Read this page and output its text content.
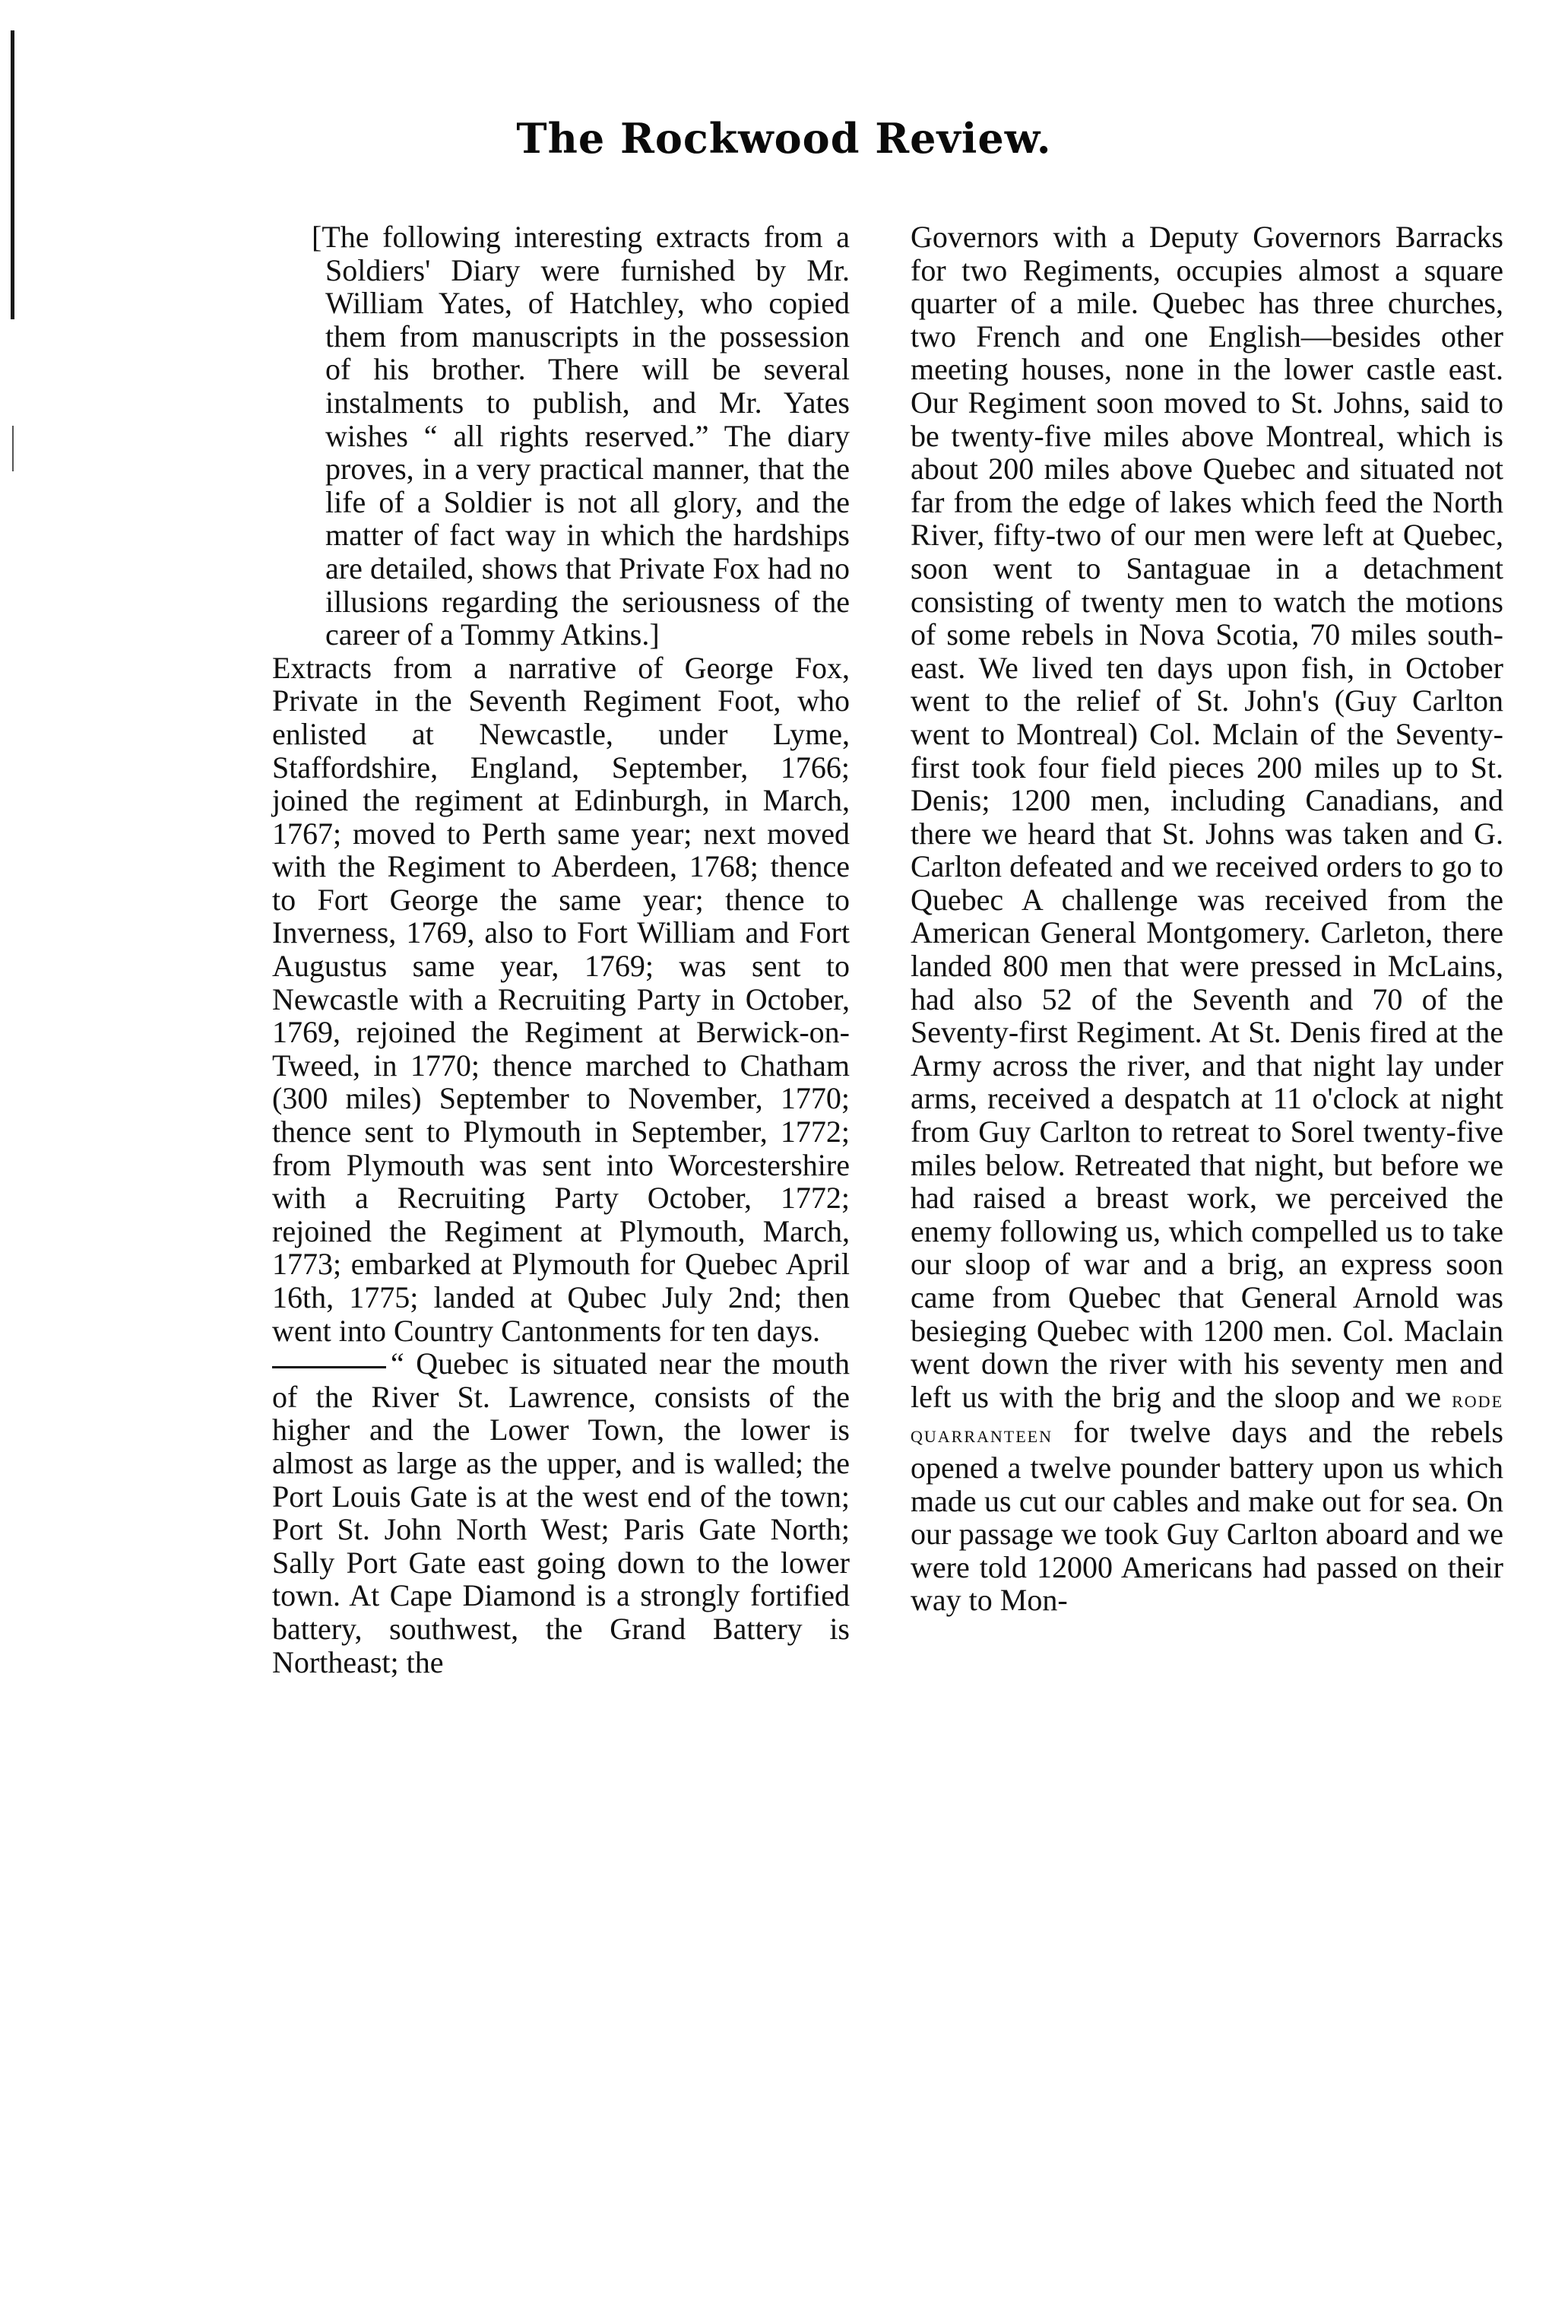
The Rockwood Review.

[The following interesting extracts from a Soldiers' Diary were furnished by Mr. William Yates, of Hatchley, who copied them from manuscripts in the possession of his brother. There will be several instalments to publish, and Mr. Yates wishes “ all rights reserved.” The diary proves, in a very practical manner, that the life of a Soldier is not all glory, and the matter of fact way in which the hardships are detailed, shows that Private Fox had no illusions regarding the seriousness of the career of a Tommy Atkins.]

Extracts from a narrative of George Fox, Private in the Seventh Regiment Foot, who enlisted at Newcastle, under Lyme, Staffordshire, England, September, 1766; joined the regiment at Edinburgh, in March, 1767; moved to Perth same year; next moved with the Regiment to Aberdeen, 1768; thence to Fort George the same year; thence to Inverness, 1769, also to Fort William and Fort Augustus same year, 1769; was sent to Newcastle with a Recruiting Party in October, 1769, rejoined the Regiment at Berwick-on-Tweed, in 1770; thence marched to Chatham (300 miles) September to November, 1770; thence sent to Plymouth in September, 1772; from Plymouth was sent into Worcestershire with a Recruiting Party October, 1772; rejoined the Regiment at Plymouth, March, 1773; embarked at Plymouth for Quebec April 16th, 1775; landed at Qubec July 2nd; then went into Country Cantonments for ten days.

“ Quebec is situated near the mouth of the River St. Lawrence, consists of the higher and the Lower Town, the lower is almost as large as the upper, and is walled; the Port Louis Gate is at the west end of the town; Port St. John North West; Paris Gate North; Sally Port Gate east going down to the lower town. At Cape Diamond is a strongly fortified battery, southwest, the Grand Battery is Northeast; the

Governors with a Deputy Governors Barracks for two Regiments, occupies almost a square quarter of a mile. Quebec has three churches, two French and one English—besides other meeting houses, none in the lower castle east. Our Regiment soon moved to St. Johns, said to be twenty-five miles above Montreal, which is about 200 miles above Quebec and situated not far from the edge of lakes which feed the North River, fifty-two of our men were left at Quebec, soon went to Santaguae in a detachment consisting of twenty men to watch the motions of some rebels in Nova Scotia, 70 miles south-east. We lived ten days upon fish, in October went to the relief of St. John's (Guy Carlton went to Montreal) Col. Mclain of the Seventy-first took four field pieces 200 miles up to St. Denis; 1200 men, including Canadians, and there we heard that St. Johns was taken and G. Carlton defeated and we received orders to go to Quebec A challenge was received from the American General Montgomery. Carleton, there landed 800 men that were pressed in McLains, had also 52 of the Seventh and 70 of the Seventy-first Regiment. At St. Denis fired at the Army across the river, and that night lay under arms, received a despatch at 11 o'clock at night from Guy Carlton to retreat to Sorel twenty-five miles below. Retreated that night, but before we had raised a breast work, we perceived the enemy following us, which compelled us to take our sloop of war and a brig, an express soon came from Quebec that General Arnold was besieging Quebec with 1200 men. Col. Maclain went down the river with his seventy men and left us with the brig and the sloop and we rode quarranteen for twelve days and the rebels opened a twelve pounder battery upon us which made us cut our cables and make out for sea. On our passage we took Guy Carlton aboard and we were told 12000 Americans had passed on their way to Mon-
